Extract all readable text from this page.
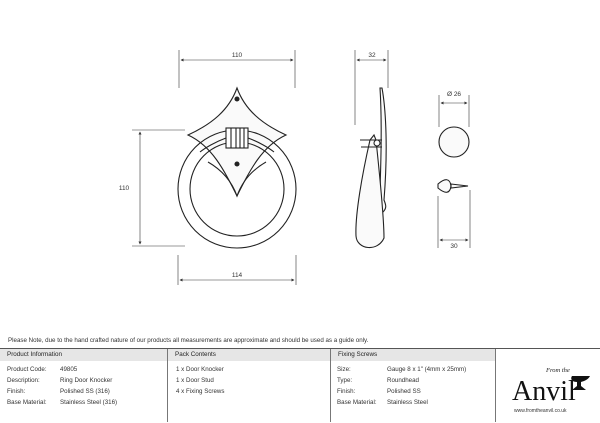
110
110
114
32
Ø 26
30
Please Note, due to the hand crafted nature of our products all measurements are approximate and should be used as a guide only.
Product Information
Product Code: 49805
Description:	Ring Door Knocker
Finish:	Polished SS (316)
Base Material: Stainless Steel (316)
Pack Contents
1 x Door Knocker
1 x Door Stud
4 x Fixing Screws
Fixing Screws
Size:	Gauge 8 x 1" (4mm x 25mm)
Type:	Roundhead
Finish:	Polished SS
Base Material: Stainless Steel
From the
Anvil
www.fromtheanvil.co.uk
